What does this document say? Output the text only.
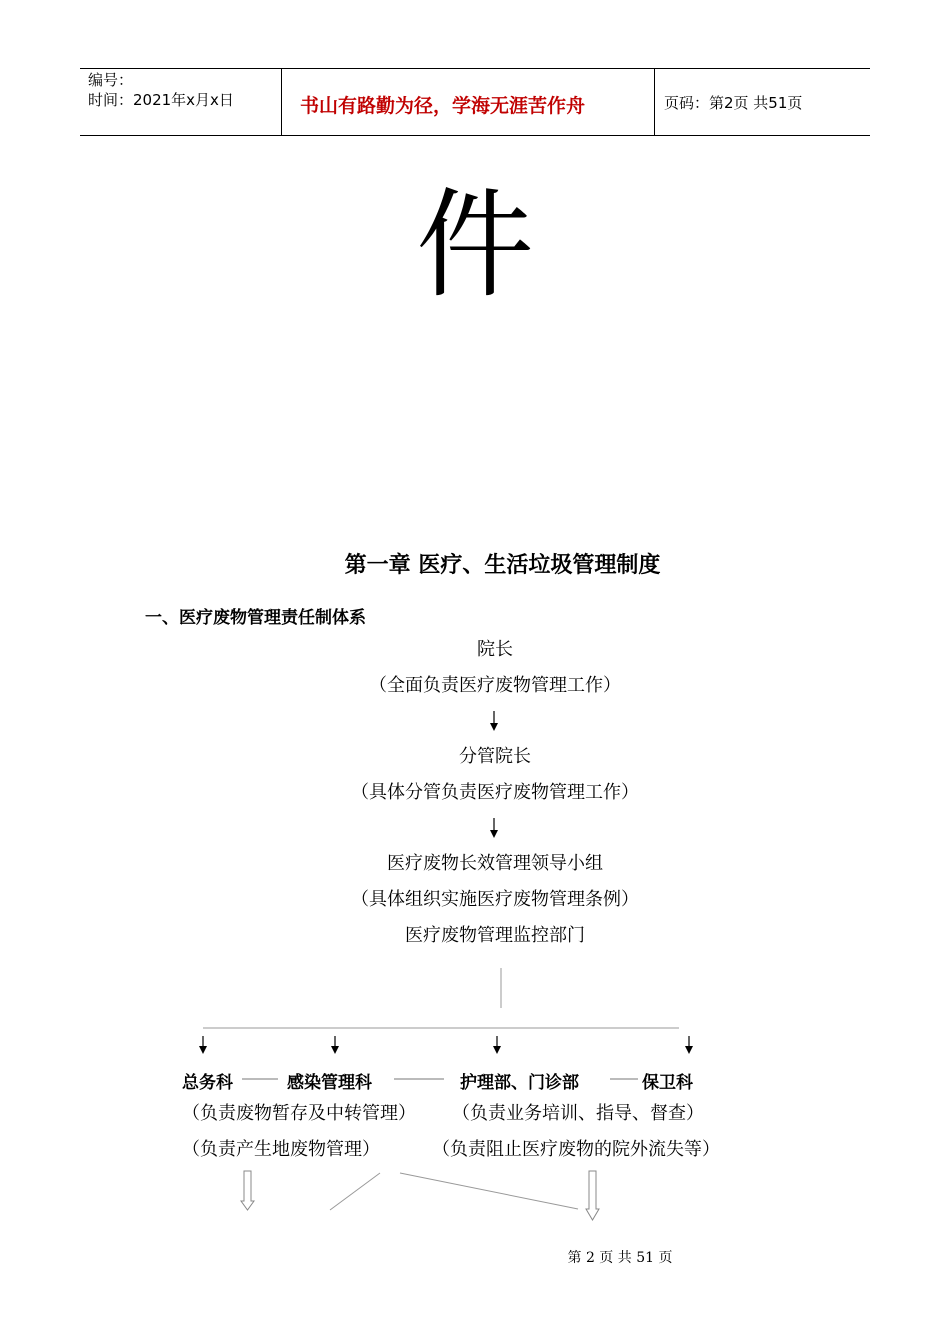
编号：
时间：2021年x月x日	书山有路勤为径，学海无涯苦作舟	页码：第2页 共51页
件
第一章 医疗、生活垃圾管理制度
一、医疗废物管理责任制体系
院长
（全面负责医疗废物管理工作）
分管院长
（具体分管负责医疗废物管理工作）
医疗废物长效管理领导小组
（具体组织实施医疗废物管理条例）
医疗废物管理监控部门
总务科	感染管理科	护理部、门诊部	保卫科
（负责废物暂存及中转管理） （负责业务培训、指导、督查）
（负责产生地废物管理）	（负责阻止医疗废物的院外流失等）
第 2 页 共 51 页
